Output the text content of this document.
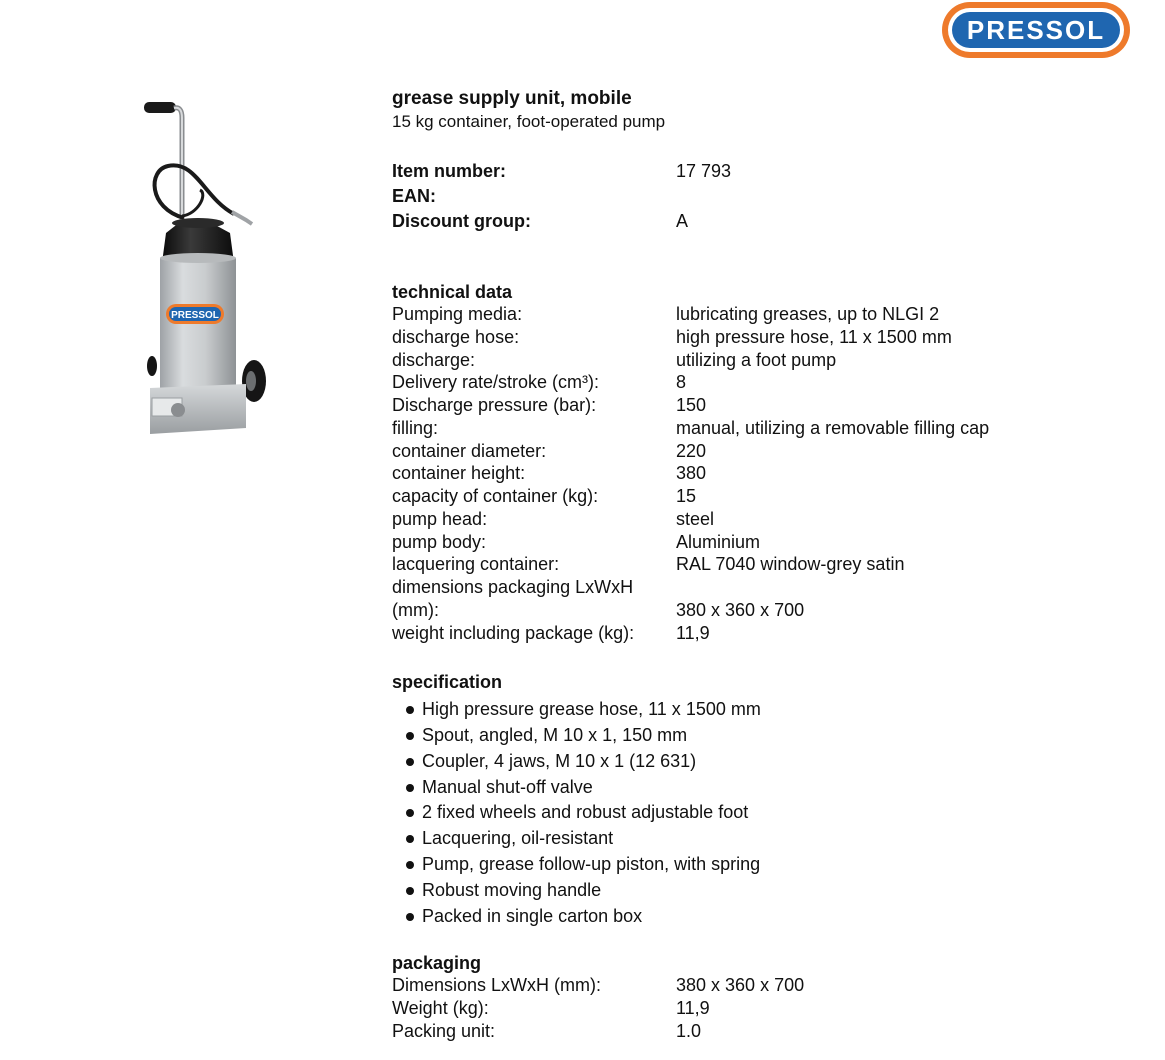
PRESSOL
PRESSOL
grease supply unit, mobile
15 kg container, foot-operated pump
Item number:	17 793
EAN:
Discount group:	A
technical data
Pumping media:	lubricating greases, up to NLGI 2
discharge hose:	high pressure hose, 11 x 1500 mm
discharge:	utilizing a foot pump
Delivery rate/stroke (cm³):	8
Discharge pressure (bar):	150
filling:	manual, utilizing a removable filling cap
container diameter:	220
container height:	380
capacity of container (kg):	15
pump head:	steel
pump body:	Aluminium
lacquering container:	RAL 7040 window-grey satin
dimensions packaging LxWxH
(mm):	380 x 360 x 700
weight including package (kg):	11,9
specification
High pressure grease hose, 11 x 1500 mm
Spout, angled, M 10 x 1, 150 mm
Coupler, 4 jaws, M 10 x 1 (12 631)
Manual shut-off valve
2 fixed wheels and robust adjustable foot
Lacquering, oil-resistant
Pump, grease follow-up piston, with spring
Robust moving handle
Packed in single carton box
packaging
Dimensions LxWxH (mm):	380 x 360 x 700
Weight (kg):	11,9
Packing unit:	1.0
